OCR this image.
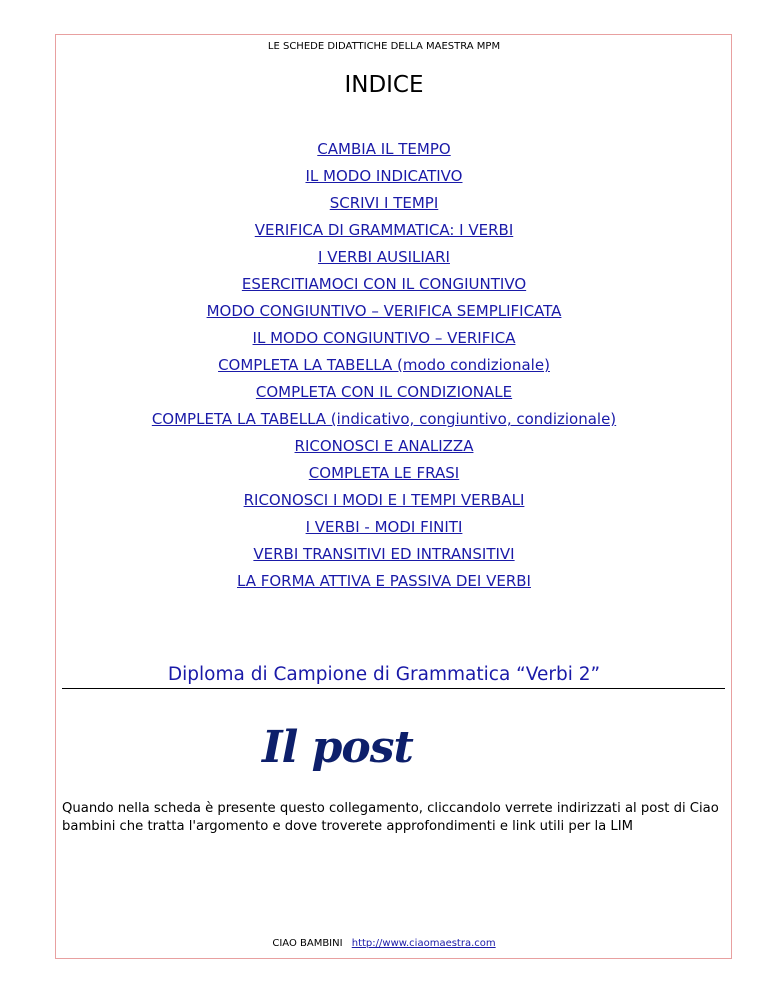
LE SCHEDE DIDATTICHE DELLA MAESTRA MPM
INDICE
CAMBIA IL TEMPO
IL MODO INDICATIVO
SCRIVI I TEMPI
VERIFICA DI GRAMMATICA: I VERBI
I VERBI AUSILIARI
ESERCITIAMOCI CON IL CONGIUNTIVO
MODO CONGIUNTIVO – VERIFICA SEMPLIFICATA
IL MODO CONGIUNTIVO – VERIFICA
COMPLETA LA TABELLA (modo condizionale)
COMPLETA CON IL CONDIZIONALE
COMPLETA LA TABELLA (indicativo, congiuntivo, condizionale)
RICONOSCI E ANALIZZA
COMPLETA LE FRASI
RICONOSCI I MODI E I TEMPI VERBALI
I VERBI - MODI FINITI
VERBI TRANSITIVI ED INTRANSITIVI
LA FORMA ATTIVA E PASSIVA DEI VERBI
Diploma di Campione di Grammatica “Verbi 2”
Il post
Quando nella scheda è presente questo collegamento, cliccandolo verrete indirizzati al post di Ciao bambini che tratta l'argomento e dove troverete approfondimenti e link utili per la LIM
CIAO BAMBINI http://www.ciaomaestra.com
